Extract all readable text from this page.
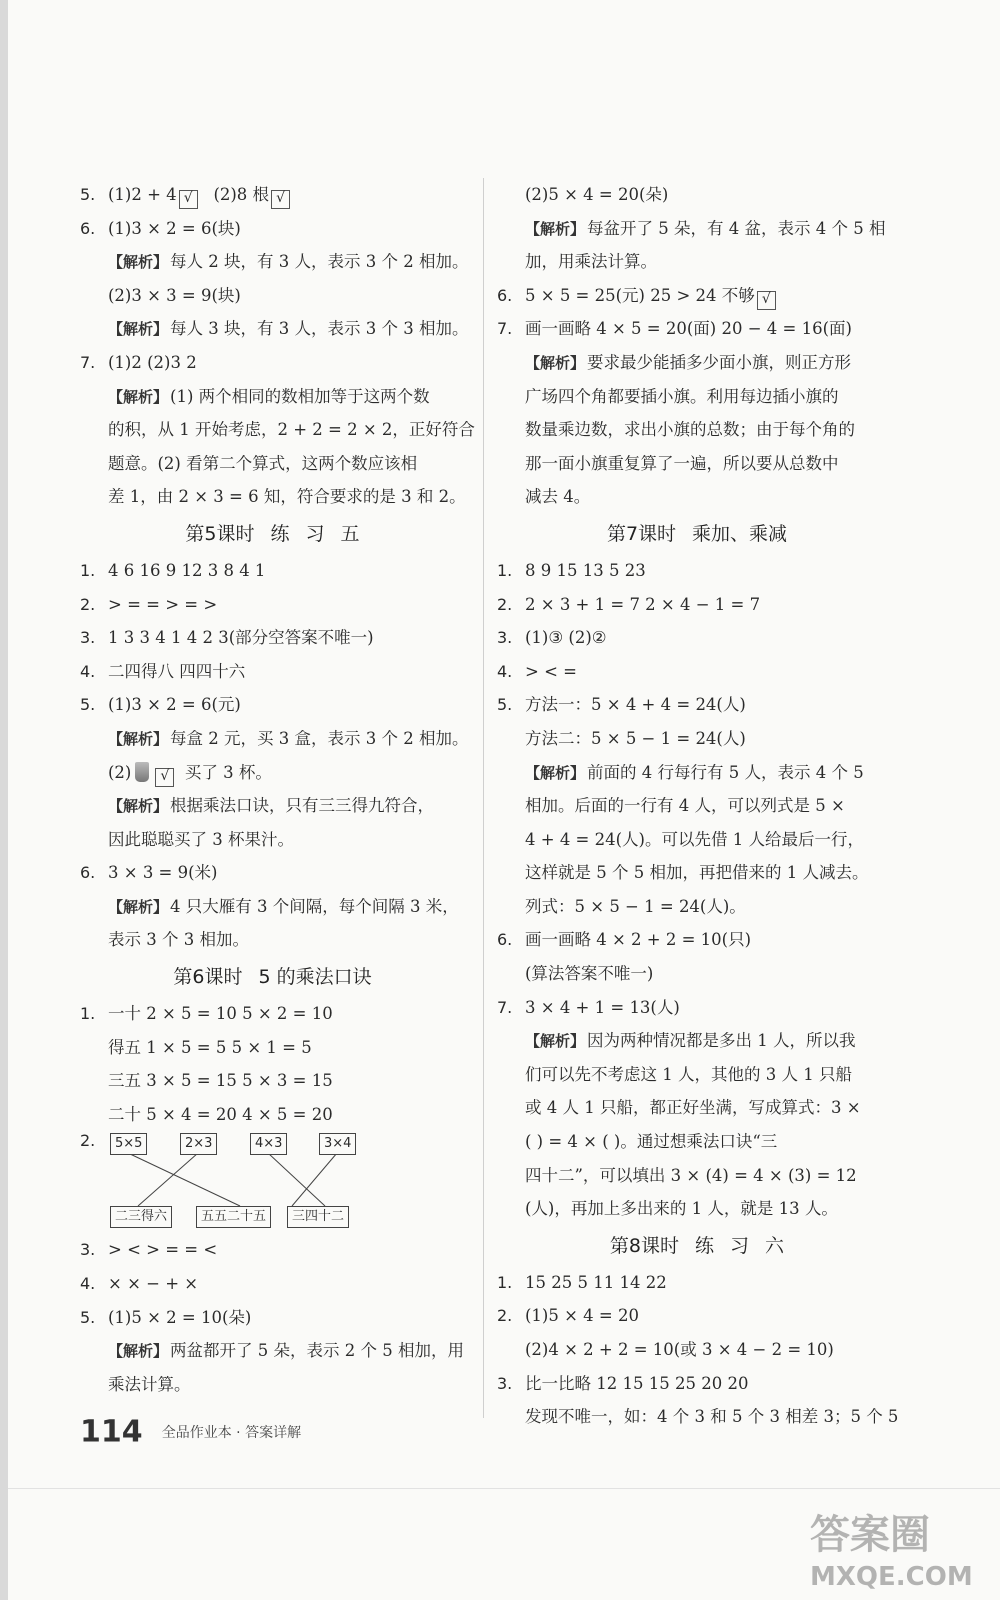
5. (1)2 + 4 √ (2)8 根 √
6. (1)3 × 2 = 6(块)
【解析】 每人 2 块，有 3 人，表示 3 个 2 相加。
(2)3 × 3 = 9(块)
【解析】 每人 3 块，有 3 人，表示 3 个 3 相加。
7. (1)2 (2)3 2
【解析】 (1) 两个相同的数相加等于这两个数
的积，从 1 开始考虑，2 + 2 = 2 × 2，正好符合
题意。(2) 看第二个算式，这两个数应该相
差 1，由 2 × 3 = 6 知，符合要求的是 3 和 2。
第5课时 练 习 五
1. 4 6 16 9 12 3 8 4 1
2. > = = > = >
3. 1 3 3 4 1 4 2 3(部分空答案不唯一)
4. 二四得八 四四十六
5. (1)3 × 2 = 6(元)
【解析】 每盒 2 元，买 3 盒，表示 3 个 2 相加。
(2) √ 买了 3 杯。
【解析】 根据乘法口诀，只有三三得九符合，
因此聪聪买了 3 杯果汁。
6. 3 × 3 = 9(米)
【解析】 4 只大雁有 3 个间隔，每个间隔 3 米，
表示 3 个 3 相加。
第6课时 5 的乘法口诀
1. 一十 2 × 5 = 10 5 × 2 = 10
得五 1 × 5 = 5 5 × 1 = 5
三五 3 × 5 = 15 5 × 3 = 15
二十 5 × 4 = 20 4 × 5 = 20
2.	5×5	2×3	4×3	3×4
二三得六	五五二十五	三四十二
3. > < > = = <
4. × × − + ×
5. (1)5 × 2 = 10(朵)
【解析】 两盆都开了 5 朵，表示 2 个 5 相加，用
乘法计算。
(2)5 × 4 = 20(朵)
【解析】 每盆开了 5 朵，有 4 盆，表示 4 个 5 相
加，用乘法计算。
6. 5 × 5 = 25(元) 25 > 24 不够 √
7. 画一画略 4 × 5 = 20(面) 20 − 4 = 16(面)
【解析】 要求最少能插多少面小旗，则正方形
广场四个角都要插小旗。利用每边插小旗的
数量乘边数，求出小旗的总数；由于每个角的
那一面小旗重复算了一遍，所以要从总数中
减去 4。
第7课时 乘加、乘减
1. 8 9 15 13 5 23
2. 2 × 3 + 1 = 7 2 × 4 − 1 = 7
3. (1)③ (2)②
4. > < =
5. 方法一：5 × 4 + 4 = 24(人)
方法二：5 × 5 − 1 = 24(人)
【解析】 前面的 4 行每行有 5 人，表示 4 个 5
相加。后面的一行有 4 人，可以列式是 5 ×
4 + 4 = 24(人)。可以先借 1 人给最后一行，
这样就是 5 个 5 相加，再把借来的 1 人减去。
列式：5 × 5 − 1 = 24(人)。
6. 画一画略 4 × 2 + 2 = 10(只)
(算法答案不唯一)
7. 3 × 4 + 1 = 13(人)
【解析】 因为两种情况都是多出 1 人，所以我
们可以先不考虑这 1 人，其他的 3 人 1 只船
或 4 人 1 只船，都正好坐满，写成算式：3 ×
( ) = 4 × ( )。通过想乘法口诀“三
四十二”，可以填出 3 × (4) = 4 × (3) = 12
(人)，再加上多出来的 1 人，就是 13 人。
第8课时 练 习 六
1. 15 25 5 11 14 22
2. (1)5 × 4 = 20
(2)4 × 2 + 2 = 10(或 3 × 4 − 2 = 10)
3. 比一比略 12 15 15 25 20 20
发现不唯一，如：4 个 3 和 5 个 3 相差 3；5 个 5
114 全品作业本 · 答案详解
答案圈
MXQE.COM
